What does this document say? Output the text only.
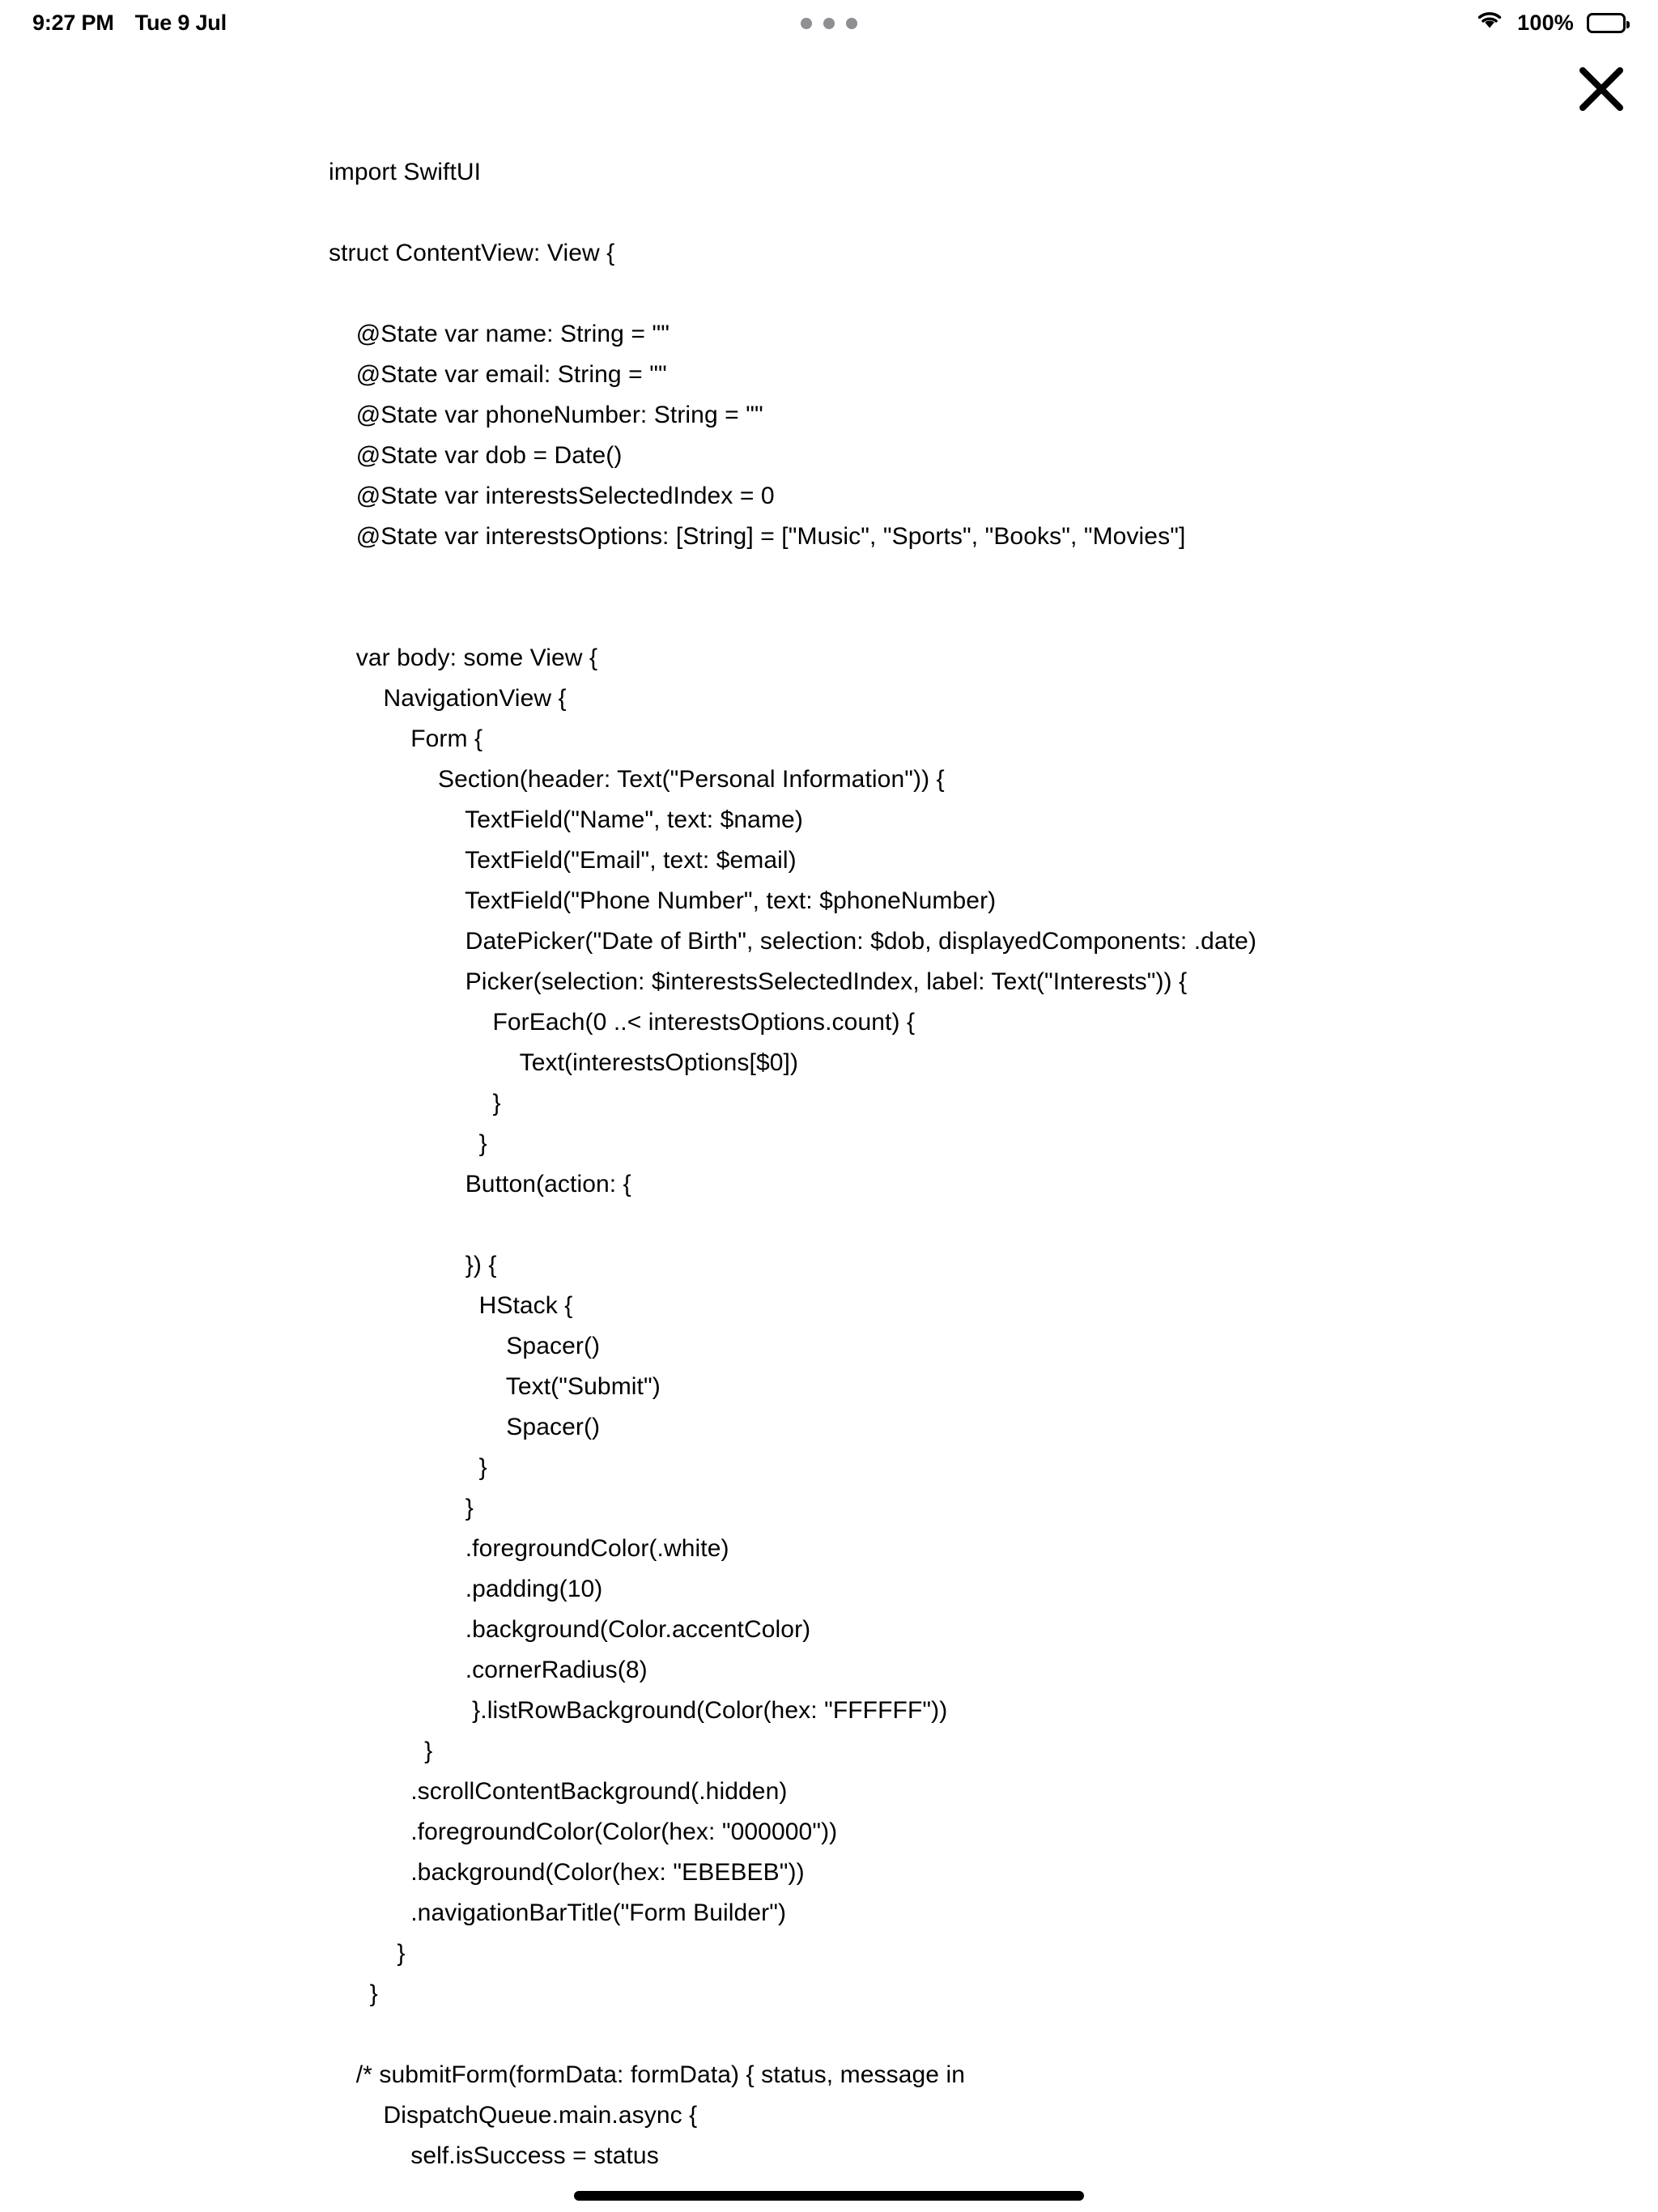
9:27 PM Tue 9 Jul	100%
import SwiftUI
struct ContentView: View {
@State var name: String = ""
@State var email: String = ""
@State var phoneNumber: String = ""
@State var dob = Date()
@State var interestsSelectedIndex = 0
@State var interestsOptions: [String] = ["Music", "Sports", "Books", "Movies"]
var body: some View {
NavigationView {
Form {
Section(header: Text("Personal Information")) {
TextField("Name", text: $name)
TextField("Email", text: $email)
TextField("Phone Number", text: $phoneNumber)
DatePicker("Date of Birth", selection: $dob, displayedComponents: .date)
Picker(selection: $interestsSelectedIndex, label: Text("Interests")) {
ForEach(0 ..< interestsOptions.count) {
Text(interestsOptions[$0])
}
}
Button(action: {
}) {
HStack {
Spacer()
Text("Submit")
Spacer()
}
}
.foregroundColor(.white)
.padding(10)
.background(Color.accentColor)
.cornerRadius(8)
}.listRowBackground(Color(hex: "FFFFFF"))
}
.scrollContentBackground(.hidden)
.foregroundColor(Color(hex: "000000"))
.background(Color(hex: "EBEBEB"))
.navigationBarTitle("Form Builder")
}
}
/* submitForm(formData: formData) { status, message in
DispatchQueue.main.async {
self.isSuccess = status
